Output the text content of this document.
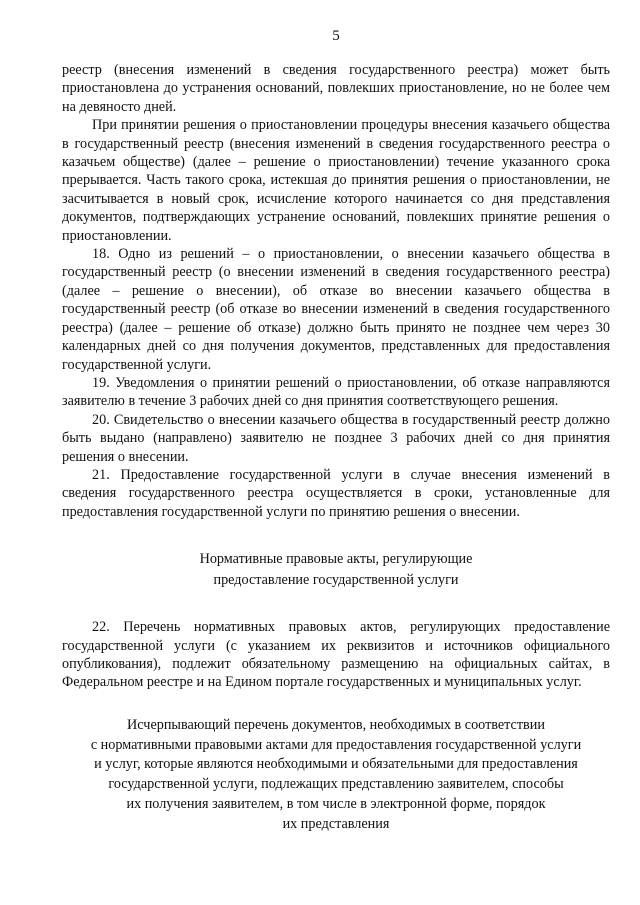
5

реестр (внесения изменений в сведения государственного реестра) может быть приостановлена до устранения оснований, повлекших приостановление, но не более чем на девяносто дней.

При принятии решения о приостановлении процедуры внесения казачьего общества в государственный реестр (внесения изменений в сведения государственного реестра о казачьем обществе) (далее – решение о приостановлении) течение указанного срока прерывается. Часть такого срока, истекшая до принятия решения о приостановлении, не засчитывается в новый срок, исчисление которого начинается со дня представления документов, подтверждающих устранение оснований, повлекших принятие решения о приостановлении.

18. Одно из решений – о приостановлении, о внесении казачьего общества в государственный реестр (о внесении изменений в сведения государственного реестра) (далее – решение о внесении), об отказе во внесении казачьего общества в государственный реестр (об отказе во внесении изменений в сведения государственного реестра) (далее – решение об отказе) должно быть принято не позднее чем через 30 календарных дней со дня получения документов, представленных для предоставления государственной услуги.

19. Уведомления о принятии решений о приостановлении, об отказе направляются заявителю в течение 3 рабочих дней со дня принятия соответствующего решения.

20. Свидетельство о внесении казачьего общества в государственный реестр должно быть выдано (направлено) заявителю не позднее 3 рабочих дней со дня принятия решения о внесении.

21. Предоставление государственной услуги в случае внесения изменений в сведения государственного реестра осуществляется в сроки, установленные для предоставления государственной услуги по принятию решения о внесении.

Нормативные правовые акты, регулирующие
предоставление государственной услуги

22. Перечень нормативных правовых актов, регулирующих предоставление государственной услуги (с указанием их реквизитов и источников официального опубликования), подлежит обязательному размещению на официальных сайтах, в Федеральном реестре и на Едином портале государственных и муниципальных услуг.

Исчерпывающий перечень документов, необходимых в соответствии
с нормативными правовыми актами для предоставления государственной услуги
и услуг, которые являются необходимыми и обязательными для предоставления
государственной услуги, подлежащих представлению заявителем, способы
их получения заявителем, в том числе в электронной форме, порядок
их представления
